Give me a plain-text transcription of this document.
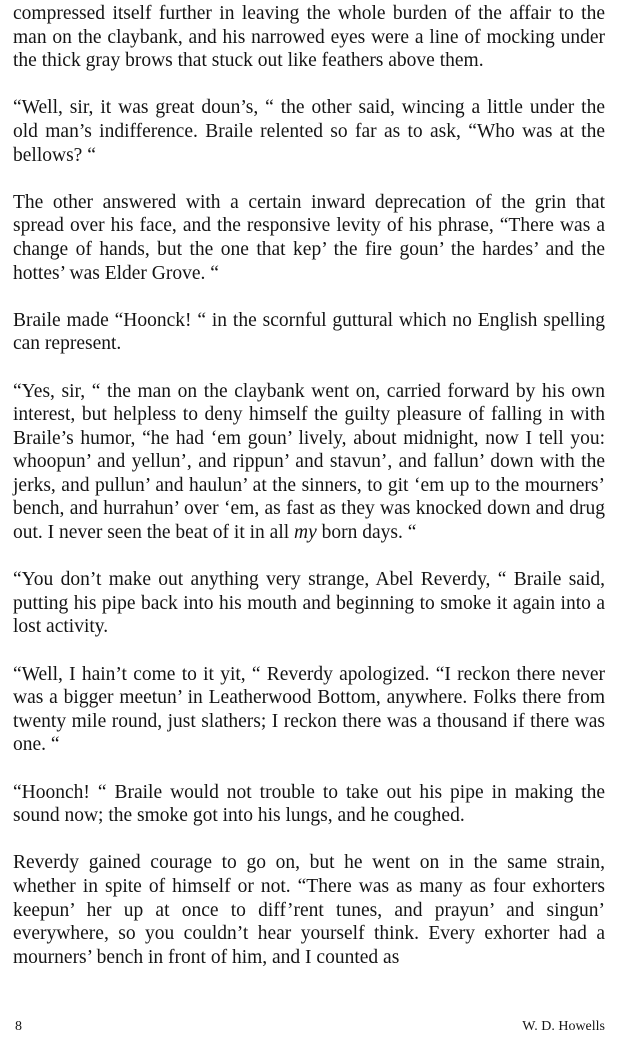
compressed itself further in leaving the whole burden of the affair to the man on the claybank, and his narrowed eyes were a line of mocking under the thick gray brows that stuck out like feathers above them.

“Well, sir, it was great doun’s, “ the other said, wincing a little under the old man’s indifference. Braile relented so far as to ask, “Who was at the bellows? “

The other answered with a certain inward deprecation of the grin that spread over his face, and the responsive levity of his phrase, “There was a change of hands, but the one that kep’ the fire goun’ the hardes’ and the hottes’ was Elder Grove. “

Braile made “Hoonck! “ in the scornful guttural which no English spelling can represent.

“Yes, sir, “ the man on the claybank went on, carried forward by his own interest, but helpless to deny himself the guilty pleasure of falling in with Braile’s humor, “he had ‘em goun’ lively, about midnight, now I tell you: whoopun’ and yellun’, and rippun’ and stavun’, and fallun’ down with the jerks, and pullun’ and haulun’ at the sinners, to git ‘em up to the mourners’ bench, and hurrahun’ over ‘em, as fast as they was knocked down and drug out. I never seen the beat of it in all my born days. “

“You don’t make out anything very strange, Abel Reverdy, “ Braile said, putting his pipe back into his mouth and beginning to smoke it again into a lost activity.

“Well, I hain’t come to it yit, “ Reverdy apologized. “I reckon there never was a bigger meetun’ in Leatherwood Bottom, anywhere. Folks there from twenty mile round, just slathers; I reckon there was a thousand if there was one. “

“Hoonch! “ Braile would not trouble to take out his pipe in making the sound now; the smoke got into his lungs, and he coughed.

Reverdy gained courage to go on, but he went on in the same strain, whether in spite of himself or not. “There was as many as four exhorters keepun’ her up at once to diff’rent tunes, and prayun’ and singun’ everywhere, so you couldn’t hear yourself think. Every exhorter had a mourners’ bench in front of him, and I counted as

8	W. D. Howells
